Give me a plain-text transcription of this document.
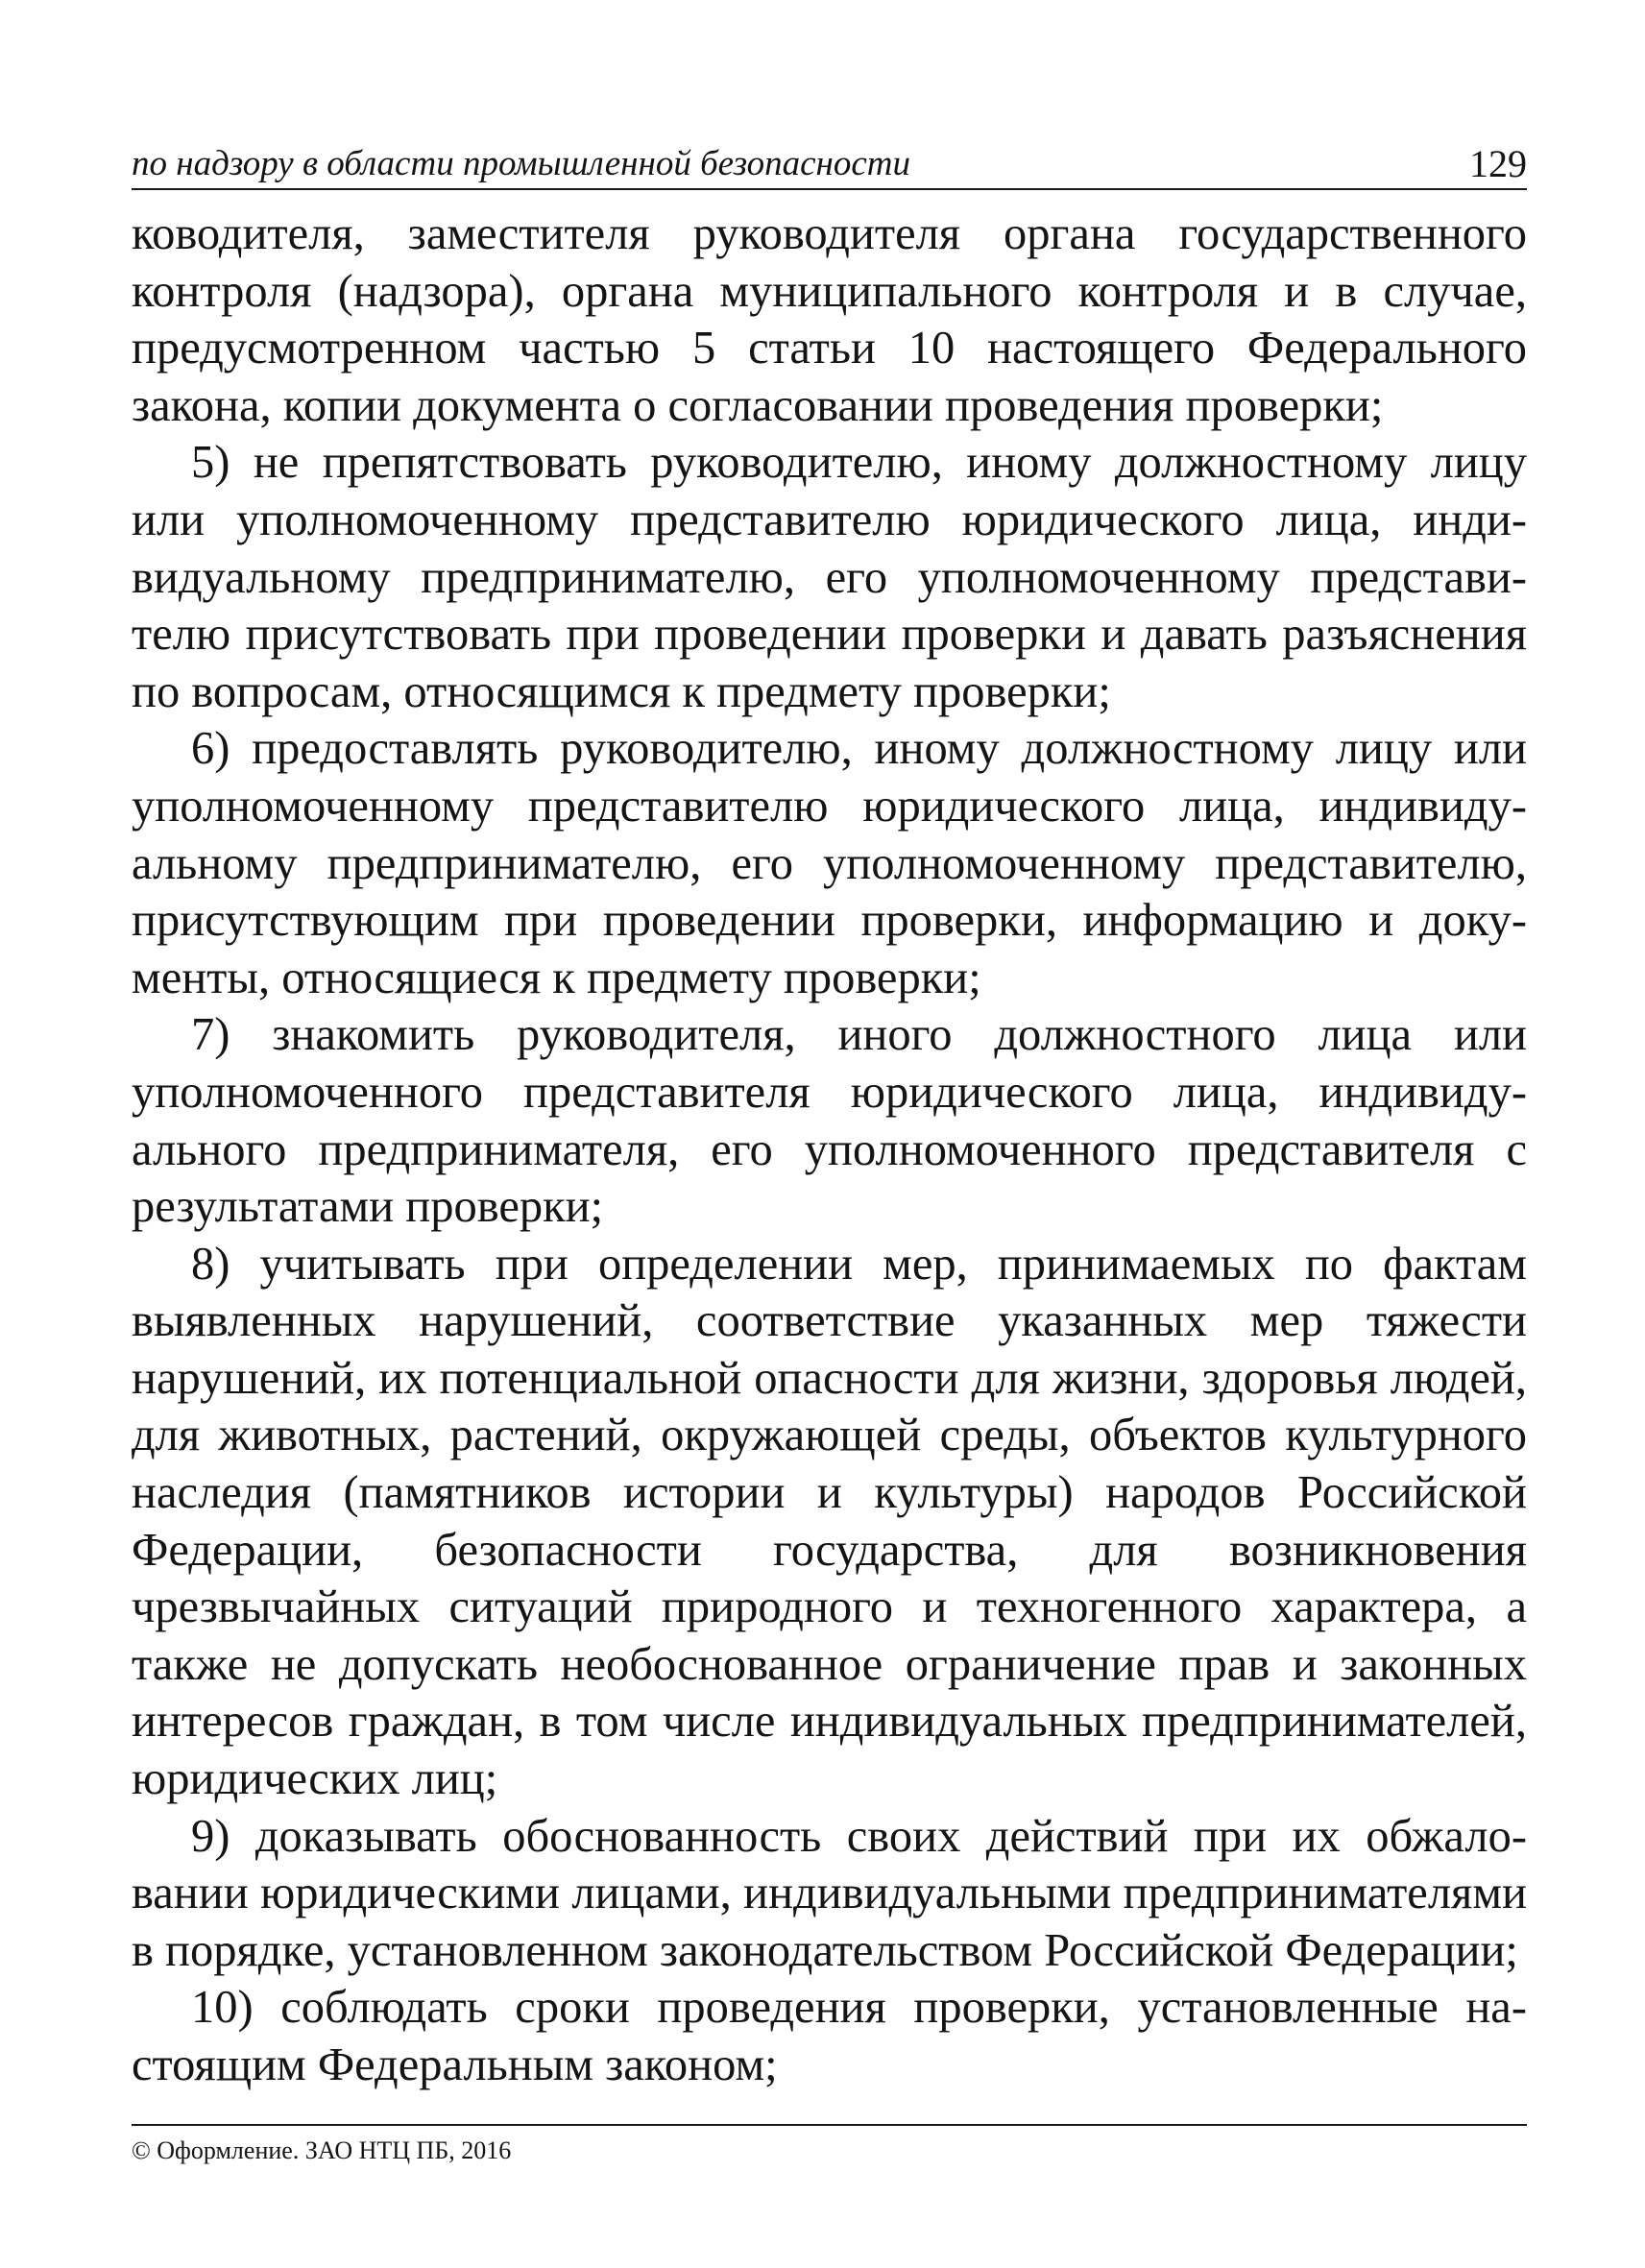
по надзору в области промышленной безопасности	129

ководителя, заместителя руководителя органа государственного контроля (надзора), органа муниципального контроля и в случае, предусмотренном частью 5 статьи 10 настоящего Федерального закона, копии документа о согласовании проведения проверки;

5) не препятствовать руководителю, иному должностному лицу или уполномоченному представителю юридического лица, индивидуальному предпринимателю, его уполномоченному представителю присутствовать при проведении проверки и давать разъяснения по вопросам, относящимся к предмету проверки;

6) предоставлять руководителю, иному должностному лицу или уполномоченному представителю юридического лица, индивидуальному предпринимателю, его уполномоченному представителю, присутствующим при проведении проверки, информацию и документы, относящиеся к предмету проверки;

7) знакомить руководителя, иного должностного лица или уполномоченного представителя юридического лица, индивидуального предпринимателя, его уполномоченного представителя с результатами проверки;

8) учитывать при определении мер, принимаемых по фактам выявленных нарушений, соответствие указанных мер тяжести нарушений, их потенциальной опасности для жизни, здоровья людей, для животных, растений, окружающей среды, объектов культурного наследия (памятников истории и культуры) народов Российской Федерации, безопасности государства, для возникновения чрезвычайных ситуаций природного и техногенного характера, а также не допускать необоснованное ограничение прав и законных интересов граждан, в том числе индивидуальных предпринимателей, юридических лиц;

9) доказывать обоснованность своих действий при их обжаловании юридическими лицами, индивидуальными предпринимателями в порядке, установленном законодательством Российской Федерации;

10) соблюдать сроки проведения проверки, установленные настоящим Федеральным законом;

© Оформление. ЗАО НТЦ ПБ, 2016
